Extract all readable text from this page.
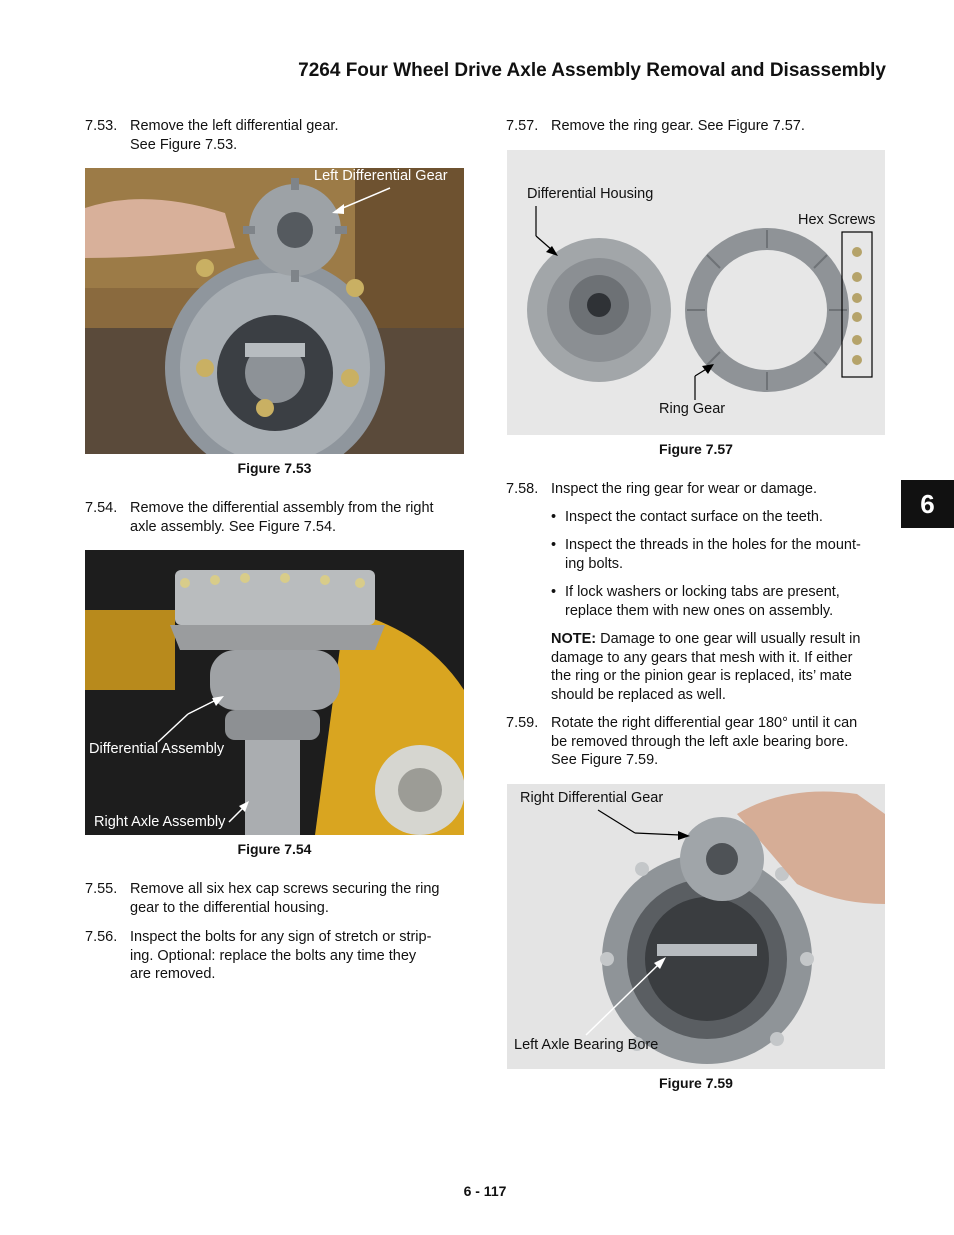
7264 Four Wheel Drive Axle Assembly Removal and Disassembly
7.53. Remove the left differential gear.
See Figure 7.53.
Left Differential Gear
Figure 7.53
7.54. Remove the differential assembly from the right
axle assembly. See Figure 7.54.
Differential Assembly
Right Axle Assembly
Figure 7.54
7.55. Remove all six hex cap screws securing the ring
gear to the differential housing.
7.56. Inspect the bolts for any sign of stretch or strip-
ing. Optional: replace the bolts any time they
are removed.
7.57. Remove the ring gear. See Figure 7.57.
Differential Housing
Hex Screws
Ring Gear
Figure 7.57
7.58. Inspect the ring gear for wear or damage.
• Inspect the contact surface on the teeth.
• Inspect the threads in the holes for the mount-
ing bolts.
• If lock washers or locking tabs are present,
replace them with new ones on assembly.
NOTE: Damage to one gear will usually result in
damage to any gears that mesh with it. If either
the ring or the pinion gear is replaced, its’ mate
should be replaced as well.
7.59. Rotate the right differential gear 180° until it can
be removed through the left axle bearing bore.
See Figure 7.59.
Right Differential Gear
Left Axle Bearing Bore
Figure 7.59
6
6 - 117
